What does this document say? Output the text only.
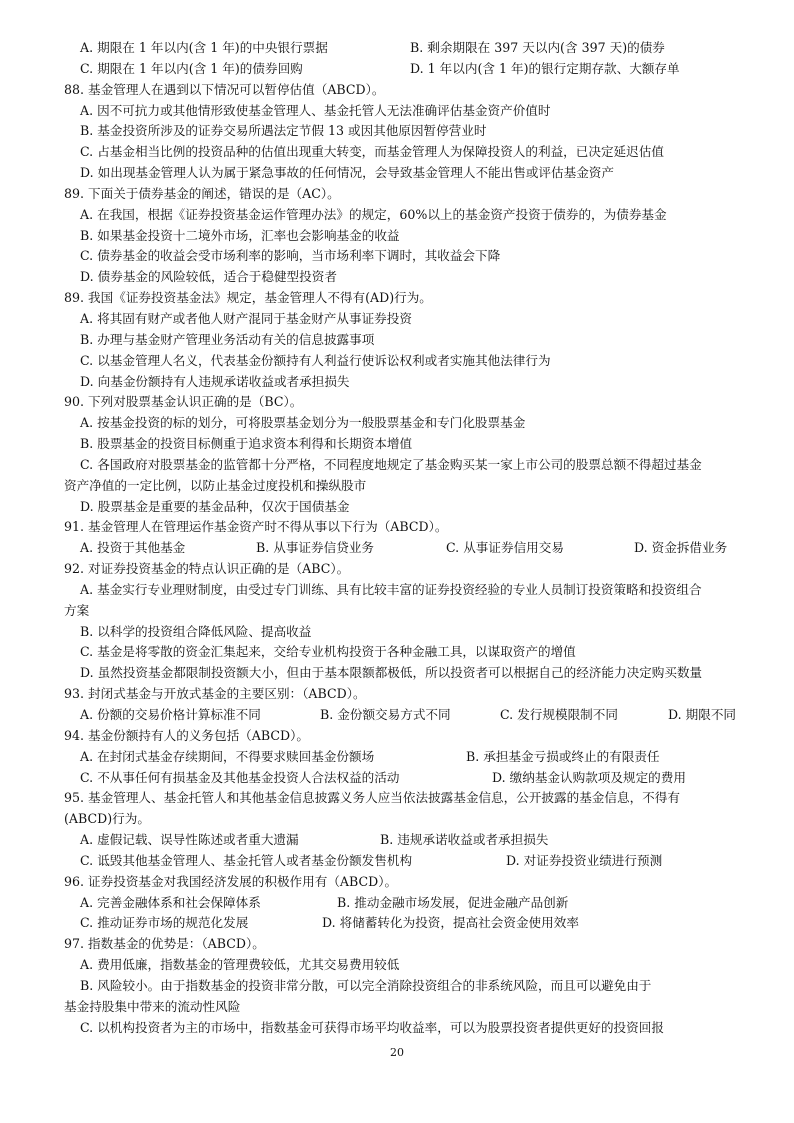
A. 期限在 1 年以内(含 1 年)的中央银行票据	B. 剩余期限在 397 天以内(含 397 天)的债券
C. 期限在 1 年以内(含 1 年)的债券回购	D. 1 年以内(含 1 年)的银行定期存款、大额存单
88. 基金管理人在遇到以下情况可以暂停估值（ABCD）。
A. 因不可抗力或其他情形致使基金管理人、基金托管人无法准确评估基金资产价值时
B. 基金投资所涉及的证券交易所遇法定节假 13 或因其他原因暂停营业时
C. 占基金相当比例的投资品种的估值出现重大转变，而基金管理人为保障投资人的利益，已决定延迟估值
D. 如出现基金管理人认为属于紧急事故的任何情况，会导致基金管理人不能出售或评估基金资产
89. 下面关于债券基金的阐述，错误的是（AC）。
A. 在我国，根据《证券投资基金运作管理办法》的规定，60%以上的基金资产投资于债券的，为债券基金
B. 如果基金投资十二境外市场，汇率也会影响基金的收益
C. 债券基金的收益会受市场利率的影响，当市场利率下调时，其收益会下降
D. 债券基金的风险较低，适合于稳健型投资者
89. 我国《证券投资基金法》规定，基金管理人不得有(AD)行为。
A. 将其固有财产或者他人财产混同于基金财产从事证券投资
B. 办理与基金财产管理业务活动有关的信息披露事项
C. 以基金管理人名义，代表基金份额持有人利益行使诉讼权利或者实施其他法律行为
D. 向基金份额持有人违规承诺收益或者承担损失
90. 下列对股票基金认识正确的是（BC）。
A. 按基金投资的标的划分，可将股票基金划分为一般股票基金和专门化股票基金
B. 股票基金的投资目标侧重于追求资本利得和长期资本增值
C. 各国政府对股票基金的监管都十分严格，不同程度地规定了基金购买某一家上市公司的股票总额不得超过基金
资产净值的一定比例，以防止基金过度投机和操纵股市
D. 股票基金是重要的基金品种，仅次于国债基金
91. 基金管理人在管理运作基金资产时不得从事以下行为（ABCD）。
A. 投资于其他基金	B. 从事证券信贷业务	C. 从事证券信用交易	D. 资金拆借业务
92. 对证券投资基金的特点认识正确的是（ABC）。
A. 基金实行专业理财制度，由受过专门训练、具有比较丰富的证券投资经验的专业人员制订投资策略和投资组合
方案
B. 以科学的投资组合降低风险、提高收益
C. 基金是将零散的资金汇集起来，交给专业机构投资于各种金融工具，以谋取资产的增值
D. 虽然投资基金都限制投资额大小，但由于基本限额都极低，所以投资者可以根据自己的经济能力决定购买数量
93. 封闭式基金与开放式基金的主要区别：（ABCD）。
A. 份额的交易价格计算标准不同	B. 金份额交易方式不同	C. 发行规模限制不同	D. 期限不同
94. 基金份额持有人的义务包括（ABCD）。
A. 在封闭式基金存续期间，不得要求赎回基金份额场	B. 承担基金亏损或终止的有限责任
C. 不从事任何有损基金及其他基金投资人合法权益的活动	D. 缴纳基金认购款项及规定的费用
95. 基金管理人、基金托管人和其他基金信息披露义务人应当依法披露基金信息，公开披露的基金信息，不得有
(ABCD)行为。
A. 虚假记载、误导性陈述或者重大遗漏	B. 违规承诺收益或者承担损失
C. 诋毁其他基金管理人、基金托管人或者基金份额发售机构	D. 对证券投资业绩进行预测
96. 证券投资基金对我国经济发展的积极作用有（ABCD）。
A. 完善金融体系和社会保障体系	B. 推动金融市场发展，促进金融产品创新
C. 推动证券市场的规范化发展	D. 将储蓄转化为投资，提高社会资金使用效率
97. 指数基金的优势是：（ABCD）。
A. 费用低廉，指数基金的管理费较低，尤其交易费用较低
B. 风险较小。由于指数基金的投资非常分散，可以完全消除投资组合的非系统风险，而且可以避免由于
基金持股集中带来的流动性风险
C. 以机构投资者为主的市场中，指数基金可获得市场平均收益率，可以为股票投资者提供更好的投资回报
20
